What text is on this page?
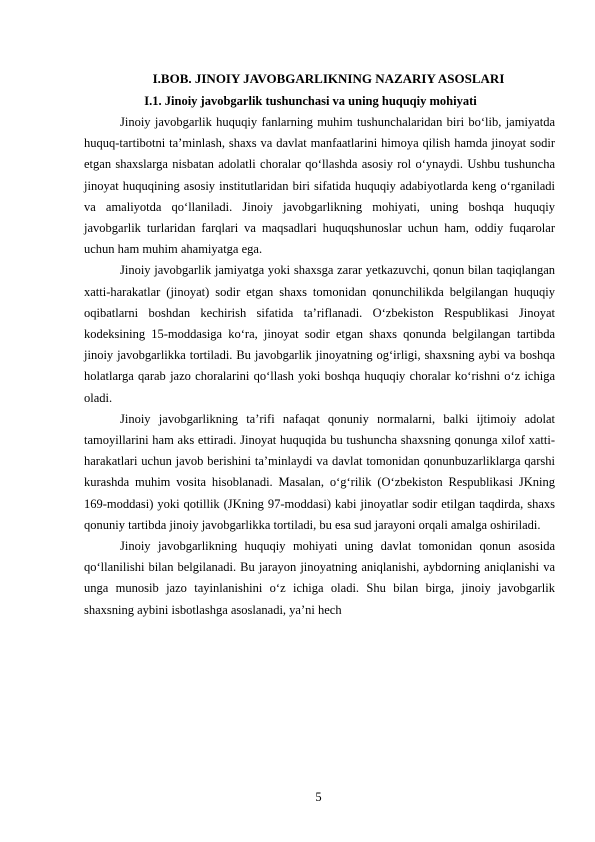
I.BOB. JINOIY JAVOBGARLIKNING NAZARIY ASOSLARI
I.1. Jinoiy javobgarlik tushunchasi va uning huquqiy mohiyati

Jinoiy javobgarlik huquqiy fanlarning muhim tushunchalaridan biri bo‘lib, jamiyatda huquq-tartibotni ta’minlash, shaxs va davlat manfaatlarini himoya qilish hamda jinoyat sodir etgan shaxslarga nisbatan adolatli choralar qo‘llashda asosiy rol o‘ynaydi. Ushbu tushuncha jinoyat huquqining asosiy institutlaridan biri sifatida huquqiy adabiyotlarda keng o‘rganiladi va amaliyotda qo‘llaniladi. Jinoiy javobgarlikning mohiyati, uning boshqa huquqiy javobgarlik turlaridan farqlari va maqsadlari huquqshunoslar uchun ham, oddiy fuqarolar uchun ham muhim ahamiyatga ega.

Jinoiy javobgarlik jamiyatga yoki shaxsga zarar yetkazuvchi, qonun bilan taqiqlangan xatti-harakatlar (jinoyat) sodir etgan shaxs tomonidan qonunchilikda belgilangan huquqiy oqibatlarni boshdan kechirish sifatida ta’riflanadi. O‘zbekiston Respublikasi Jinoyat kodeksining 15-moddasiga ko‘ra, jinoyat sodir etgan shaxs qonunda belgilangan tartibda jinoiy javobgarlikka tortiladi. Bu javobgarlik jinoyatning og‘irligi, shaxsning aybi va boshqa holatlarga qarab jazo choralarini qo‘llash yoki boshqa huquqiy choralar ko‘rishni o‘z ichiga oladi.

Jinoiy javobgarlikning ta’rifi nafaqat qonuniy normalarni, balki ijtimoiy adolat tamoyillarini ham aks ettiradi. Jinoyat huquqida bu tushuncha shaxsning qonunga xilof xatti-harakatlari uchun javob berishini ta’minlaydi va davlat tomonidan qonunbuzarliklarga qarshi kurashda muhim vosita hisoblanadi. Masalan, o‘g‘rilik (O‘zbekiston Respublikasi JKning 169-moddasi) yoki qotillik (JKning 97-moddasi) kabi jinoyatlar sodir etilgan taqdirda, shaxs qonuniy tartibda jinoiy javobgarlikka tortiladi, bu esa sud jarayoni orqali amalga oshiriladi.

Jinoiy javobgarlikning huquqiy mohiyati uning davlat tomonidan qonun asosida qo‘llanilishi bilan belgilanadi. Bu jarayon jinoyatning aniqlanishi, aybdorning aniqlanishi va unga munosib jazo tayinlanishini o‘z ichiga oladi. Shu bilan birga, jinoiy javobgarlik shaxsning aybini isbotlashga asoslanadi, ya’ni hech

5
